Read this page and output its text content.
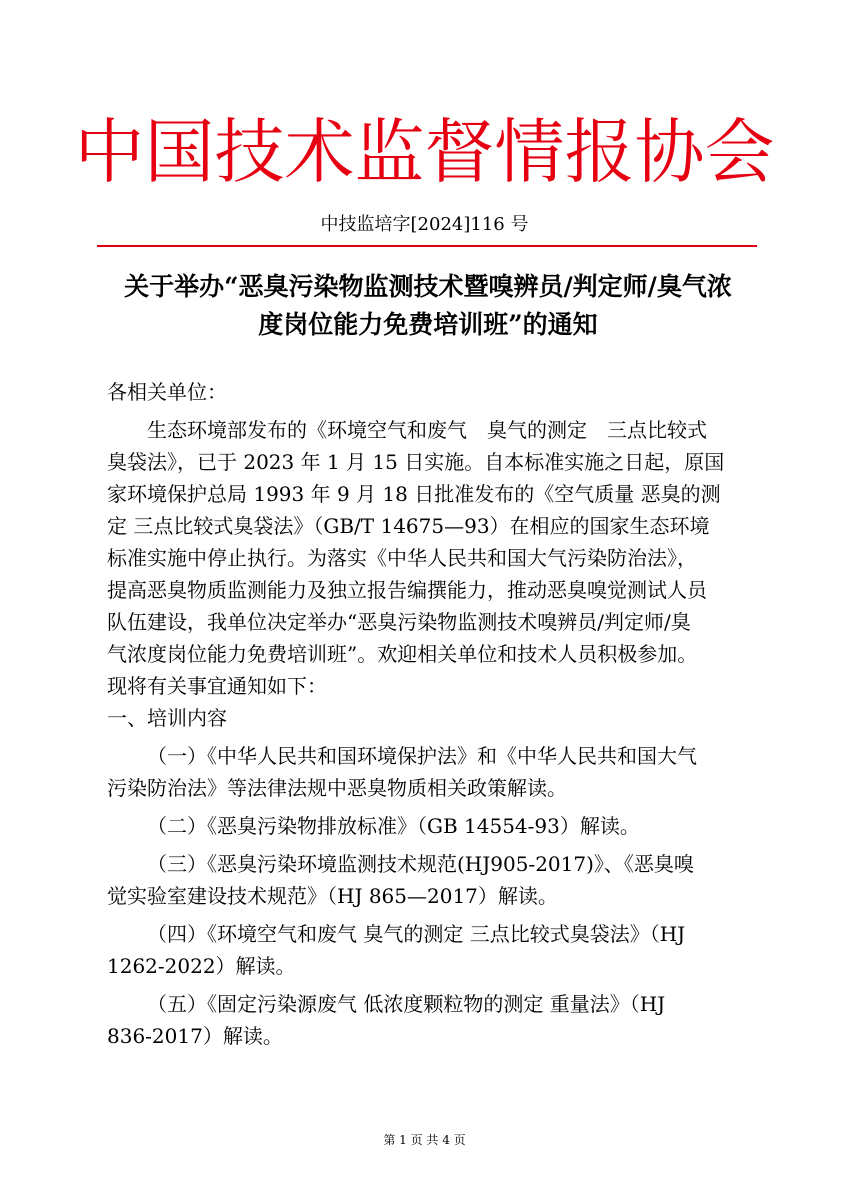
中国技术监督情报协会
中技监培字[2024]116 号
关于举办“恶臭污染物监测技术暨嗅辨员/判定师/臭气浓
度岗位能力免费培训班”的通知

各相关单位：

生态环境部发布的《环境空气和废气　臭气的测定　三点比较式
臭袋法》，已于 2023 年 1 月 15 日实施。自本标准实施之日起，原国
家环境保护总局 1993 年 9 月 18 日批准发布的《空气质量 恶臭的测
定 三点比较式臭袋法》（GB/T 14675—93）在相应的国家生态环境
标准实施中停止执行。为落实《中华人民共和国大气污染防治法》，
提高恶臭物质监测能力及独立报告编撰能力，推动恶臭嗅觉测试人员
队伍建设，我单位决定举办“恶臭污染物监测技术嗅辨员/判定师/臭
气浓度岗位能力免费培训班”。欢迎相关单位和技术人员积极参加。
现将有关事宜通知如下：

一、培训内容

（一）《中华人民共和国环境保护法》和《中华人民共和国大气
污染防治法》等法律法规中恶臭物质相关政策解读。

（二）《恶臭污染物排放标准》（GB 14554-93）解读。

（三）《恶臭污染环境监测技术规范(HJ905-2017)》、《恶臭嗅
觉实验室建设技术规范》（HJ 865—2017）解读。

（四）《环境空气和废气 臭气的测定 三点比较式臭袋法》（HJ
1262-2022）解读。

（五）《固定污染源废气 低浓度颗粒物的测定 重量法》（HJ
836-2017）解读。

第 1 页 共 4 页
